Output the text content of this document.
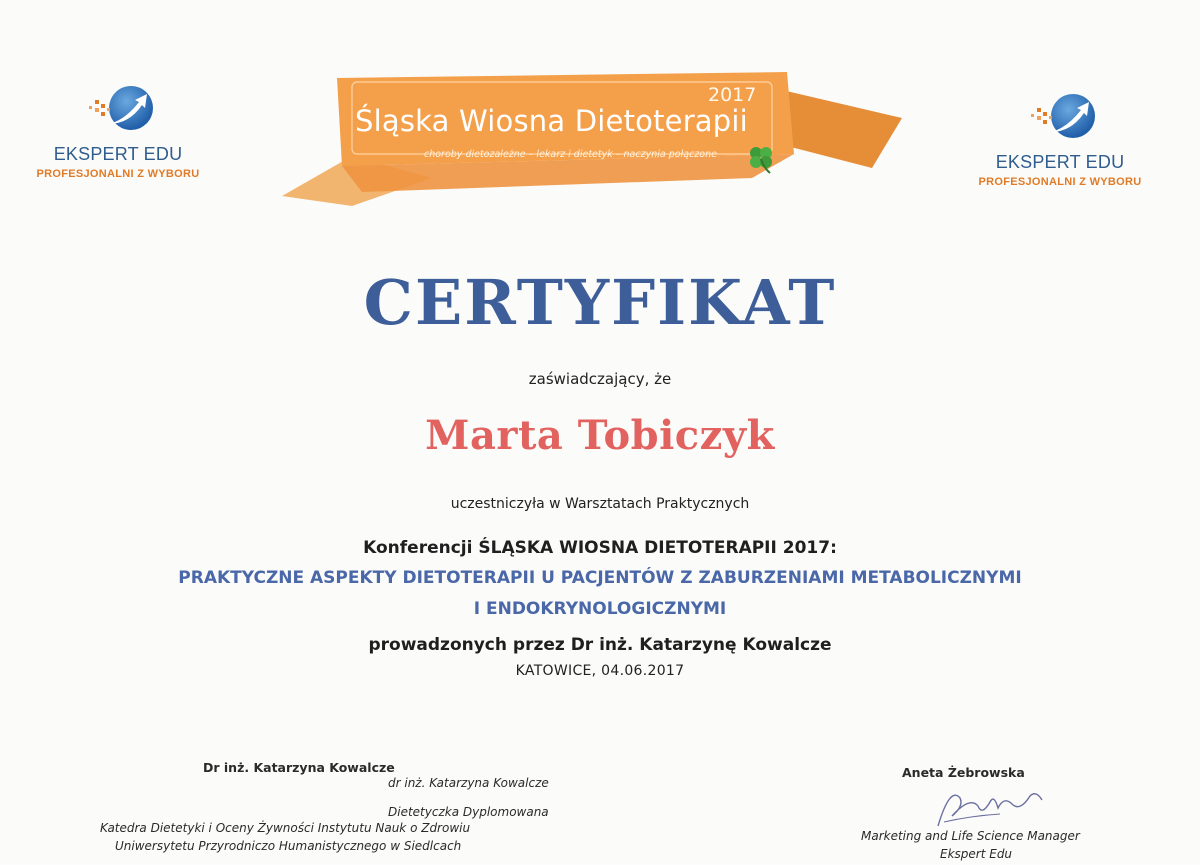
EKSPERT EDU
PROFESJONALNI Z WYBORU
EKSPERT EDU
PROFESJONALNI Z WYBORU
2017
Śląska Wiosna Dietoterapii
choroby dietozależne – lekarz i dietetyk – naczynia połączone
CERTYFIKAT
zaświadczający, że
Marta Tobiczyk
uczestniczyła w Warsztatach Praktycznych
Konferencji ŚLĄSKA WIOSNA DIETOTERAPII 2017:
PRAKTYCZNE ASPEKTY DIETOTERAPII U PACJENTÓW Z ZABURZENIAMI METABOLICZNYMI
I ENDOKRYNOLOGICZNYMI
prowadzonych przez Dr inż. Katarzynę Kowalcze
KATOWICE, 04.06.2017
Dr inż. Katarzyna Kowalcze
dr inż. Katarzyna Kowalcze
Dietetyczka Dyplomowana
Katedra Dietetyki i Oceny Żywności Instytutu Nauk o Zdrowiu
Uniwersytetu Przyrodniczo Humanistycznego w Siedlcach
Aneta Żebrowska
Marketing and Life Science Manager
Ekspert Edu
